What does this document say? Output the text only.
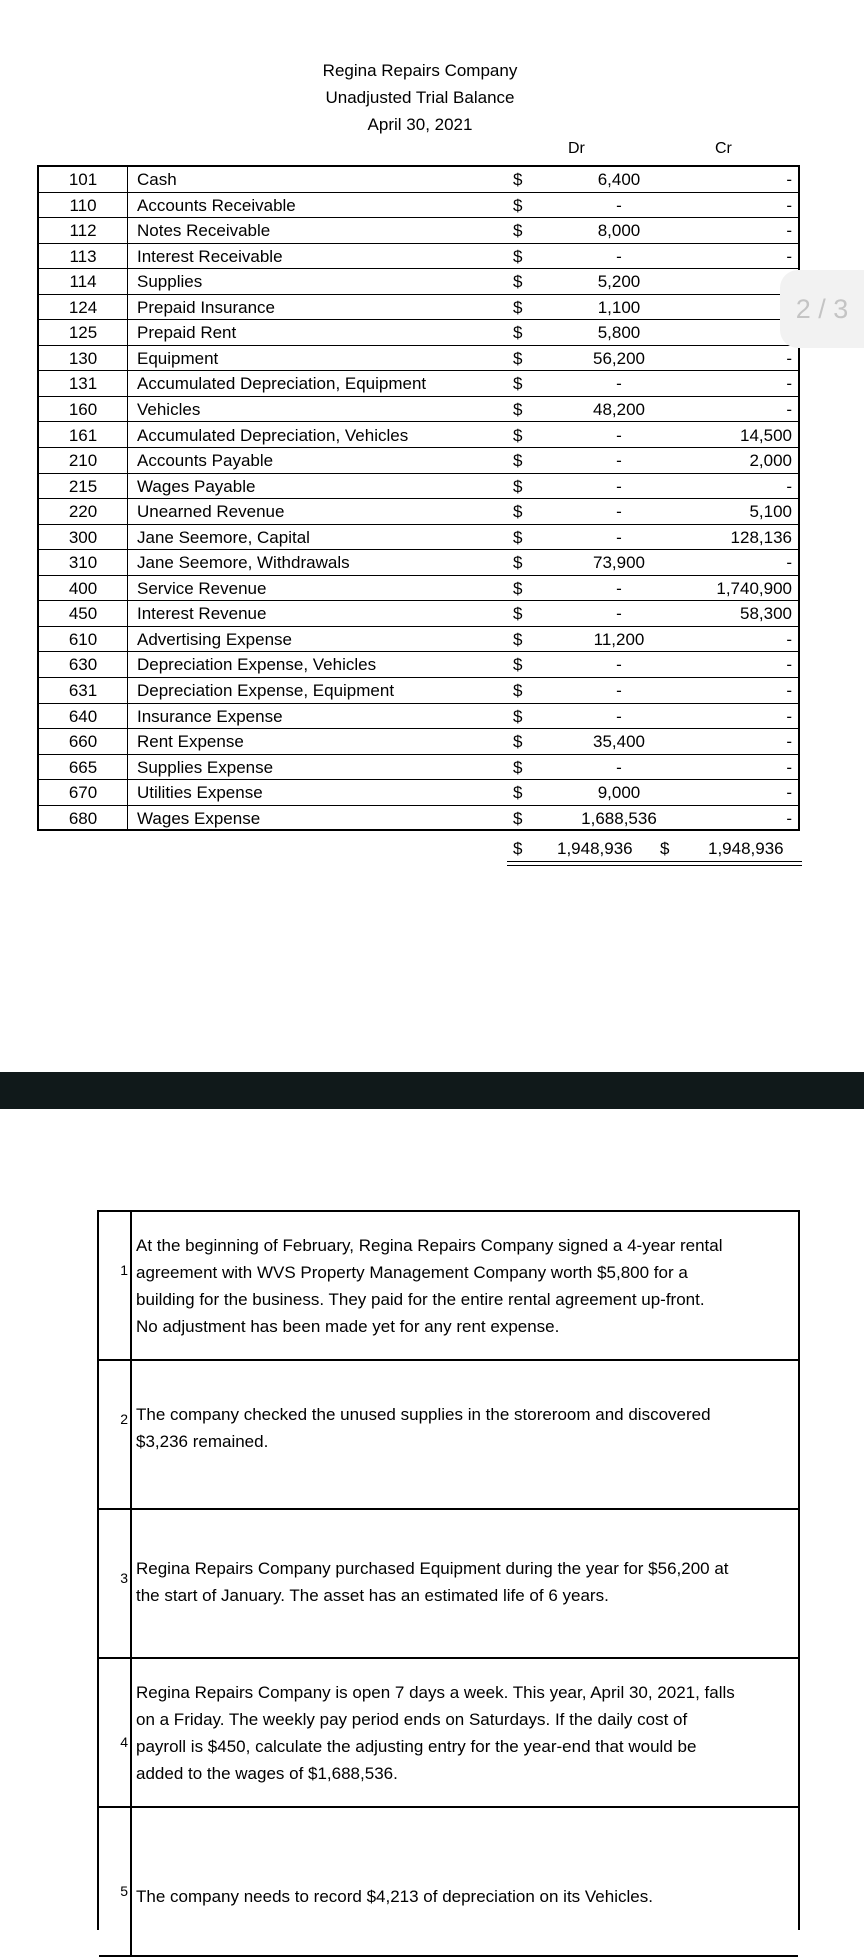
Regina Repairs Company
Unadjusted Trial Balance
April 30, 2021
Dr	Cr
101	Cash	$	6,400	-
110	Accounts Receivable	$	-	-
112	Notes Receivable	$	8,000	-
113	Interest Receivable	$	-	-
114	Supplies	$	5,200
124	Prepaid Insurance	$	1,100
125	Prepaid Rent	$	5,800
130	Equipment	$	56,200	-
131	Accumulated Depreciation, Equipment	$	-	-
160	Vehicles	$	48,200	-
161	Accumulated Depreciation, Vehicles	$	-	14,500
210	Accounts Payable	$	-	2,000
215	Wages Payable	$	-	-
220	Unearned Revenue	$	-	5,100
300	Jane Seemore, Capital	$	-	128,136
310	Jane Seemore, Withdrawals	$	73,900	-
400	Service Revenue	$	-	1,740,900
450	Interest Revenue	$	-	58,300
610	Advertising Expense	$	11,200	-
630	Depreciation Expense, Vehicles	$	-	-
631	Depreciation Expense, Equipment	$	-	-
640	Insurance Expense	$	-	-
660	Rent Expense	$	35,400	-
665	Supplies Expense	$	-	-
670	Utilities Expense	$	9,000	-
680	Wages Expense	$	1,688,536	-
$ 1,948,936 $ 1,948,936
2 / 3
1
At the beginning of February, Regina Repairs Company signed a 4-year rental
agreement with WVS Property Management Company worth $5,800 for a
building for the business. They paid for the entire rental agreement up-front.
No adjustment has been made yet for any rent expense.
2 The company checked the unused supplies in the storeroom and discovered
$3,236 remained.
3 Regina Repairs Company purchased Equipment during the year for $56,200 at
the start of January. The asset has an estimated life of 6 years.
4
Regina Repairs Company is open 7 days a week. This year, April 30, 2021, falls
on a Friday. The weekly pay period ends on Saturdays. If the daily cost of
payroll is $450, calculate the adjusting entry for the year-end that would be
added to the wages of $1,688,536.
5 The company needs to record $4,213 of depreciation on its Vehicles.
